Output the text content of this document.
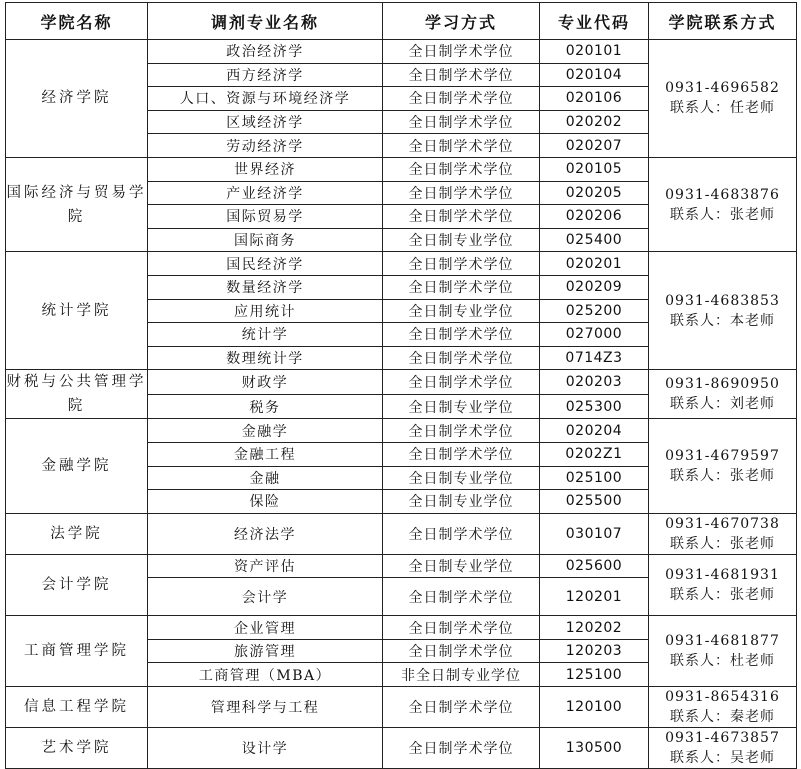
学院名称	调剂专业名称	学习方式	专业代码	学院联系方式
经济学院	政治经济学	全日制学术学位	020101	0931-4696582
联系人：任老师

	西方经济学	全日制学术学位	020104	
	人口、资源与环境经济学	全日制学术学位	020106	
	区域经济学	全日制学术学位	020202	
	劳动经济学	全日制学术学位	020207	
国际经济与贸易学院	世界经济	全日制学术学位	020105	0931-4683876
联系人：张老师

	产业经济学	全日制学术学位	020205	
	国际贸易学	全日制学术学位	020206	
	国际商务	全日制专业学位	025400	
统计学院	国民经济学	全日制学术学位	020201	0931-4683853
联系人：本老师

	数量经济学	全日制学术学位	020209	
	应用统计	全日制专业学位	025200	
	统计学	全日制学术学位	027000	
	数理统计学	全日制学术学位	0714Z3	
财税与公共管理学院	财政学	全日制学术学位	020203	0931-8690950
联系人：刘老师

	税务	全日制专业学位	025300	
金融学院	金融学	全日制学术学位	020204	0931-4679597
联系人：张老师

	金融工程	全日制学术学位	0202Z1	
	金融	全日制专业学位	025100	
	保险	全日制专业学位	025500	
法学院	经济法学	全日制学术学位	030107	0931-4670738
联系人：张老师

会计学院	资产评估	全日制专业学位	025600	0931-4681931
联系人：张老师

	会计学	全日制学术学位	120201	
工商管理学院	企业管理	全日制学术学位	120202	0931-4681877
联系人：杜老师

	旅游管理	全日制学术学位	120203	
	工商管理（MBA）	非全日制专业学位	125100	
信息工程学院	管理科学与工程	全日制学术学位	120100	0931-8654316
联系人：秦老师

艺术学院	设计学	全日制学术学位	130500	0931-4673857
联系人：吴老师
